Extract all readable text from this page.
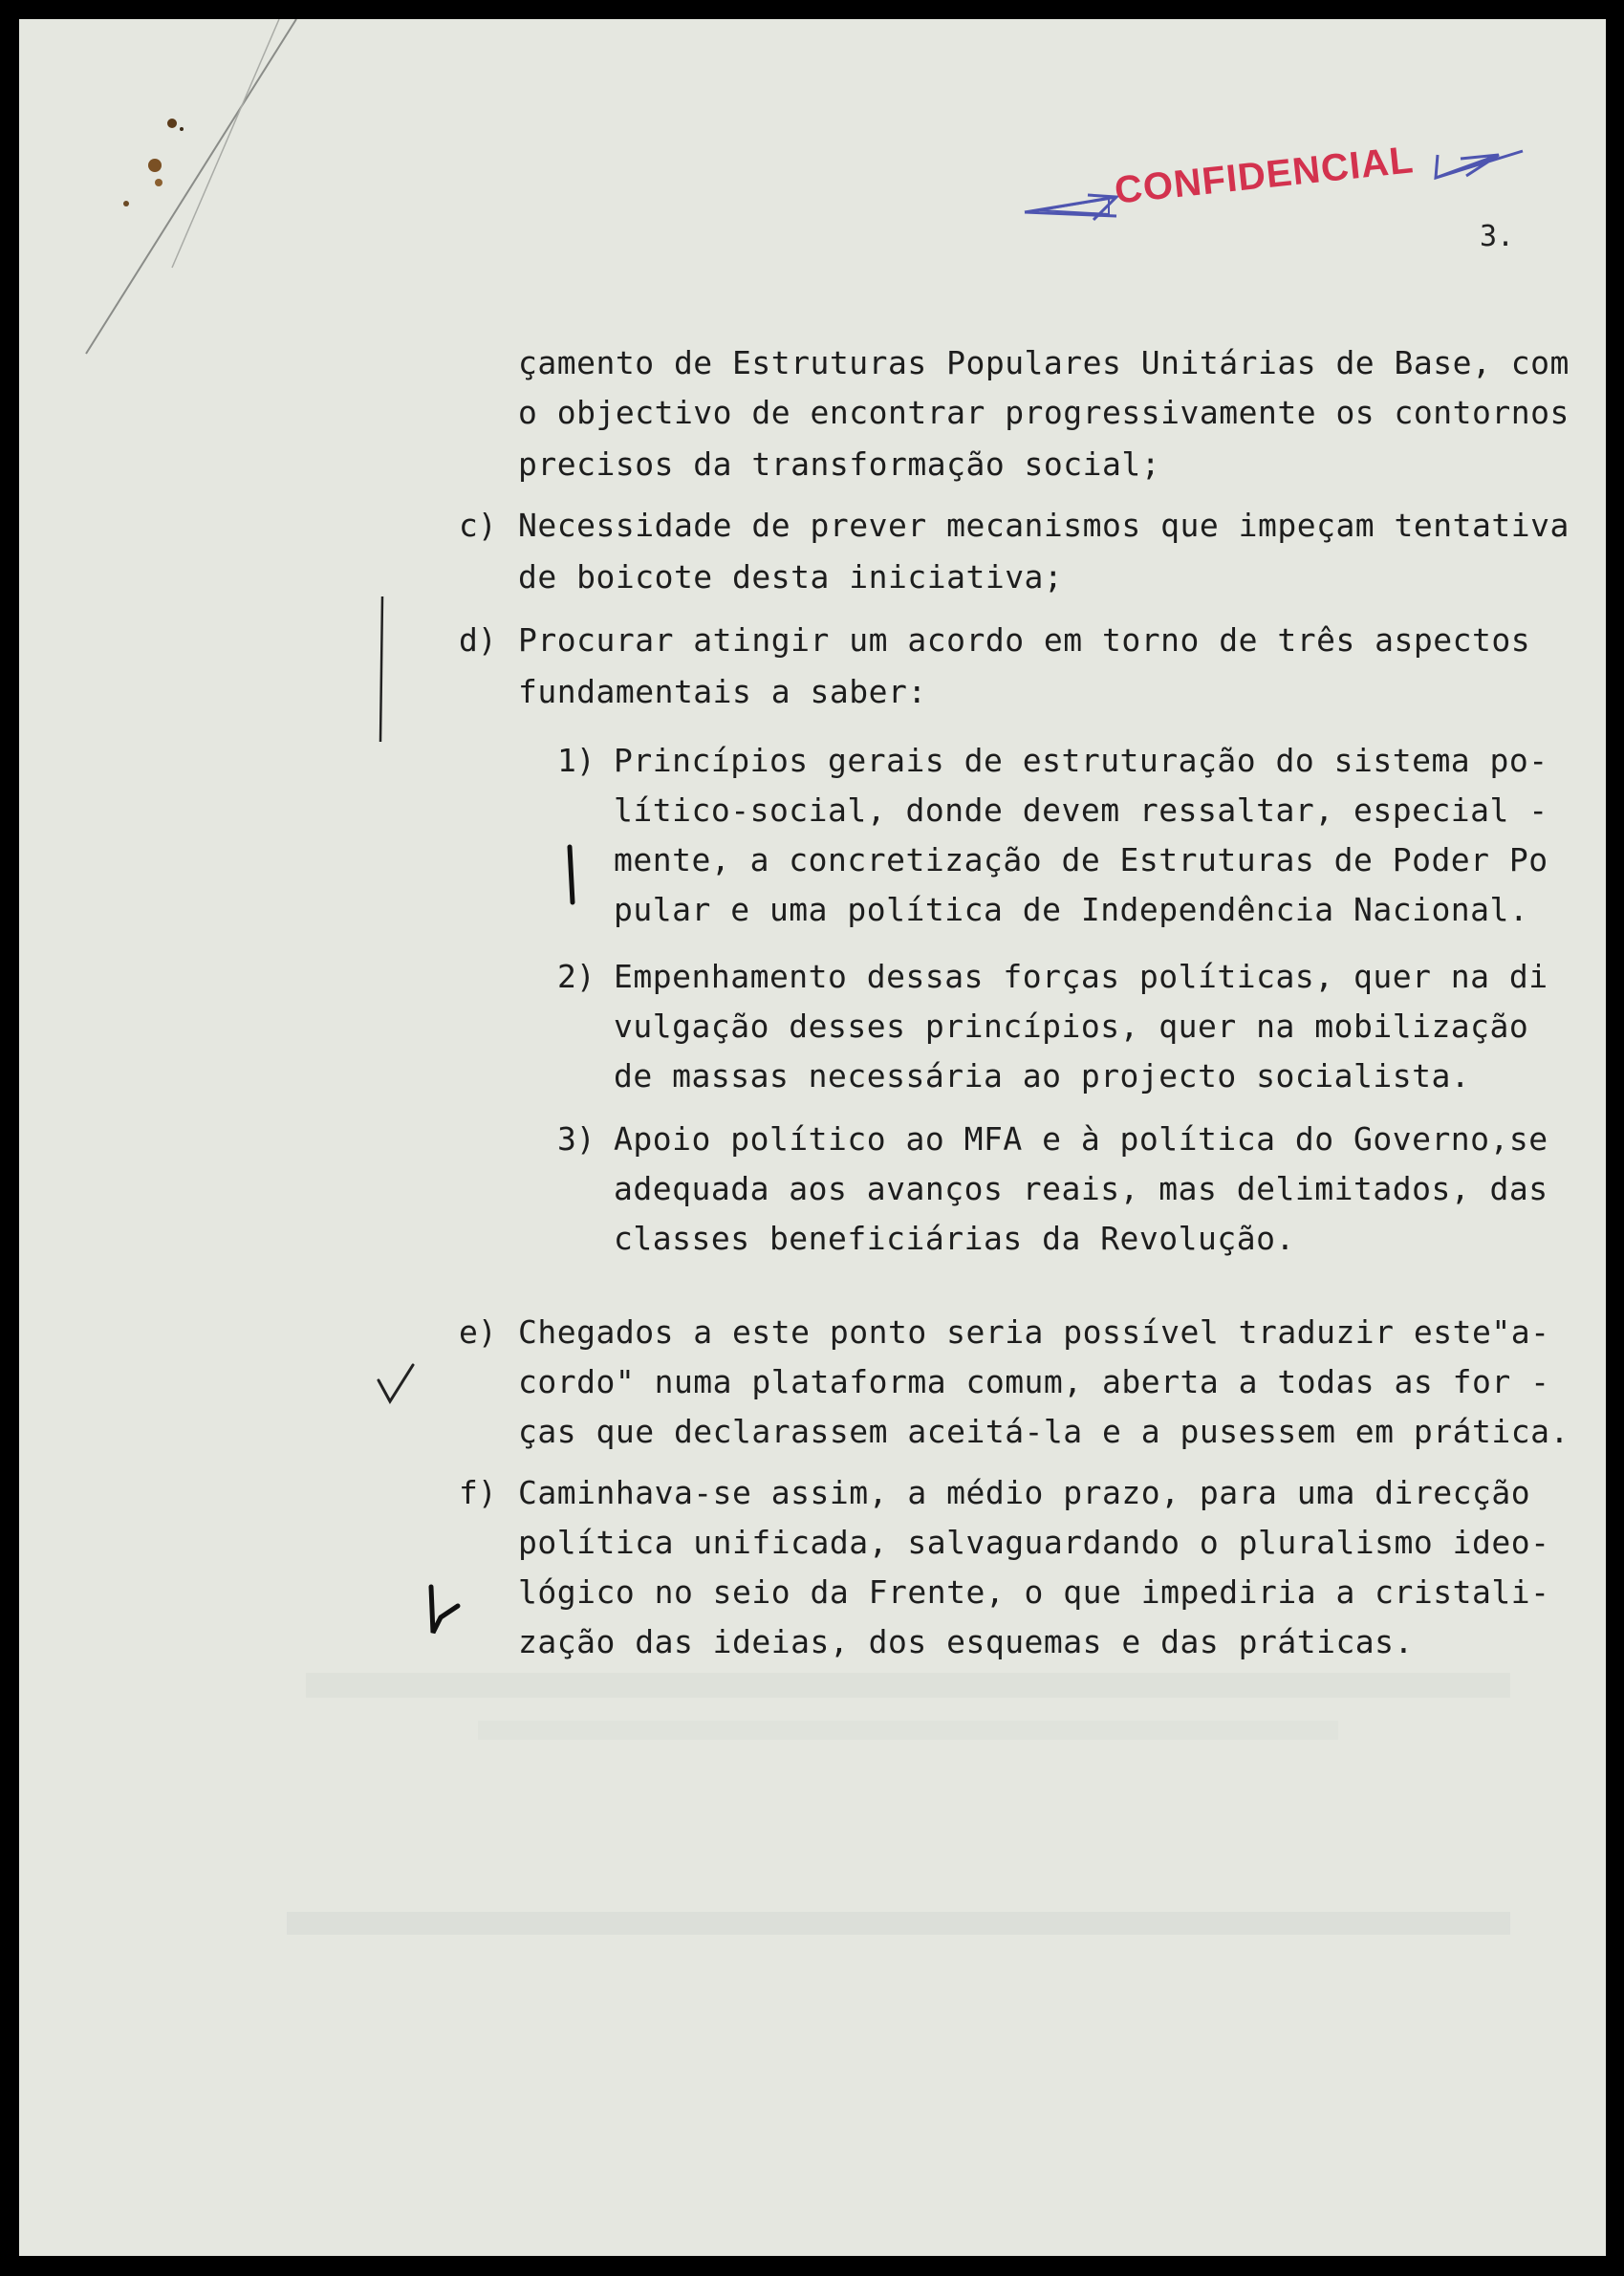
CONFIDENCIAL
3.
çamento de Estruturas Populares Unitárias de Base, com
o objectivo de encontrar progressivamente os contornos
precisos da transformação social;
c) Necessidade de prever mecanismos que impeçam tentativa
de boicote desta iniciativa;
d) Procurar atingir um acordo em torno de três aspectos
fundamentais a saber:
1) Princípios gerais de estruturação do sistema po-
lítico-social, donde devem ressaltar, especial -
mente, a concretização de Estruturas de Poder Po
pular e uma política de Independência Nacional.
2) Empenhamento dessas forças políticas, quer na di
vulgação desses princípios, quer na mobilização
de massas necessária ao projecto socialista.
3) Apoio político ao MFA e à política do Governo,se
adequada aos avanços reais, mas delimitados, das
classes beneficiárias da Revolução.
e) Chegados a este ponto seria possível traduzir este"a-
cordo" numa plataforma comum, aberta a todas as for -
ças que declarassem aceitá-la e a pusessem em prática.
f) Caminhava-se assim, a médio prazo, para uma direcção
política unificada, salvaguardando o pluralismo ideo-
lógico no seio da Frente, o que impediria a cristali-
zação das ideias, dos esquemas e das práticas.
